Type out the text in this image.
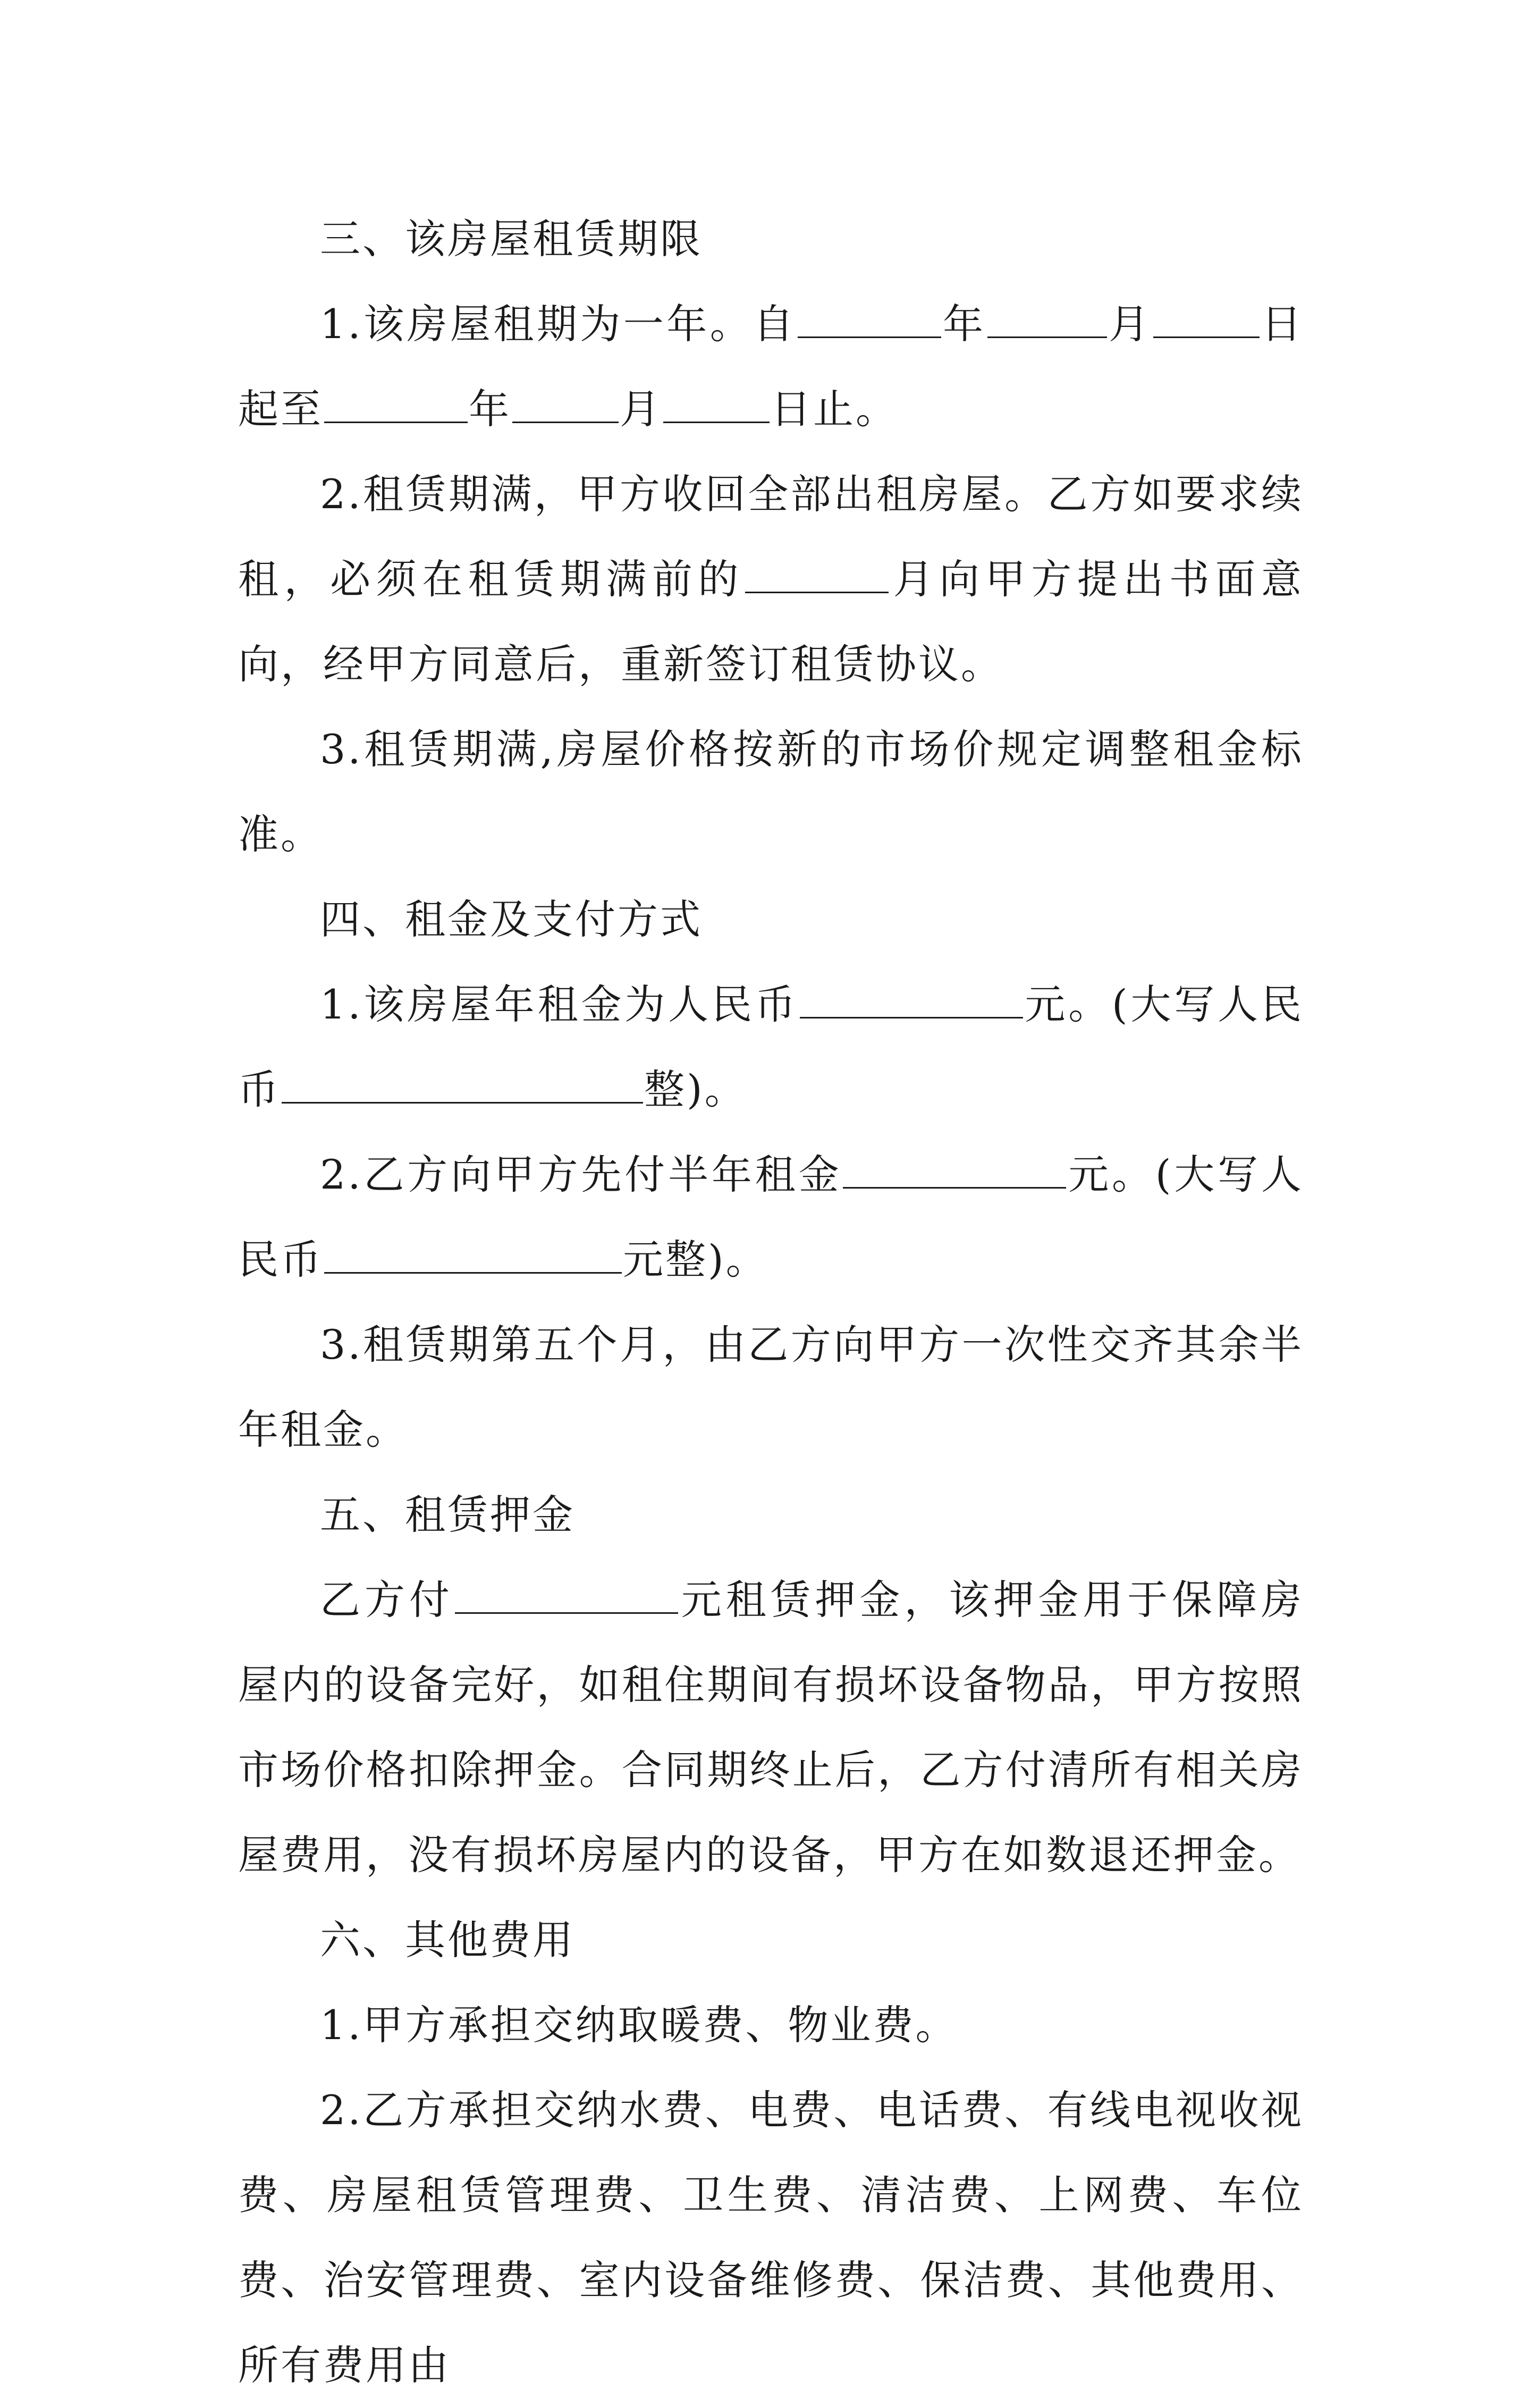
三、该房屋租赁期限

1.该房屋租期为一年。自	年	月	日起至	年	月	日止。

2.租赁期满，甲方收回全部出租房屋。乙方如要求续租，必须在租赁期满前的	月向甲方提出书面意向，经甲方同意后，重新签订租赁协议。

3.租赁期满,房屋价格按新的市场价规定调整租金标准。

四、租金及支付方式

1.该房屋年租金为人民币	元。(大写人民币	整)。

2.乙方向甲方先付半年租金	元。(大写人民币	元整)。

3.租赁期第五个月，由乙方向甲方一次性交齐其余半年租金。

五、租赁押金

乙方付	元租赁押金，该押金用于保障房屋内的设备完好，如租住期间有损坏设备物品，甲方按照市场价格扣除押金。合同期终止后，乙方付清所有相关房屋费用，没有损坏房屋内的设备，甲方在如数退还押金。

六、其他费用

1.甲方承担交纳取暖费、物业费。

2.乙方承担交纳水费、电费、电话费、有线电视收视费、房屋租赁管理费、卫生费、清洁费、上网费、车位费、治安管理费、室内设备维修费、保洁费、其他费用、所有费用由
